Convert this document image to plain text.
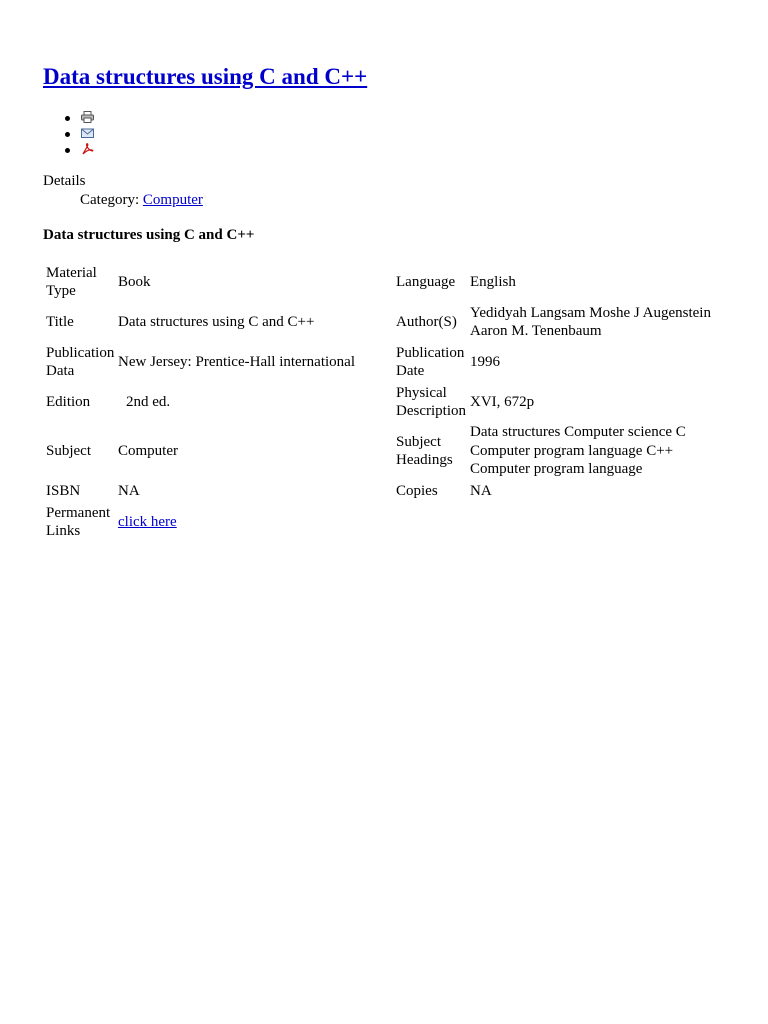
Data structures using C and C++
Details
Category: Computer

Data structures using C and C++

Material Type	Book	Language	English
Title	Data structures using C and C++	Author(S)	Yedidyah Langsam Moshe J Augenstein Aaron M. Tenenbaum
Publication Data	New Jersey: Prentice-Hall international	Publication Date	1996
Edition	2nd ed.	Physical Description	XVI, 672p
Subject	Computer	Subject Headings	Data structures Computer science C Computer program language C++ Computer program language
ISBN	NA	Copies	NA
Permanent Links	click here		
